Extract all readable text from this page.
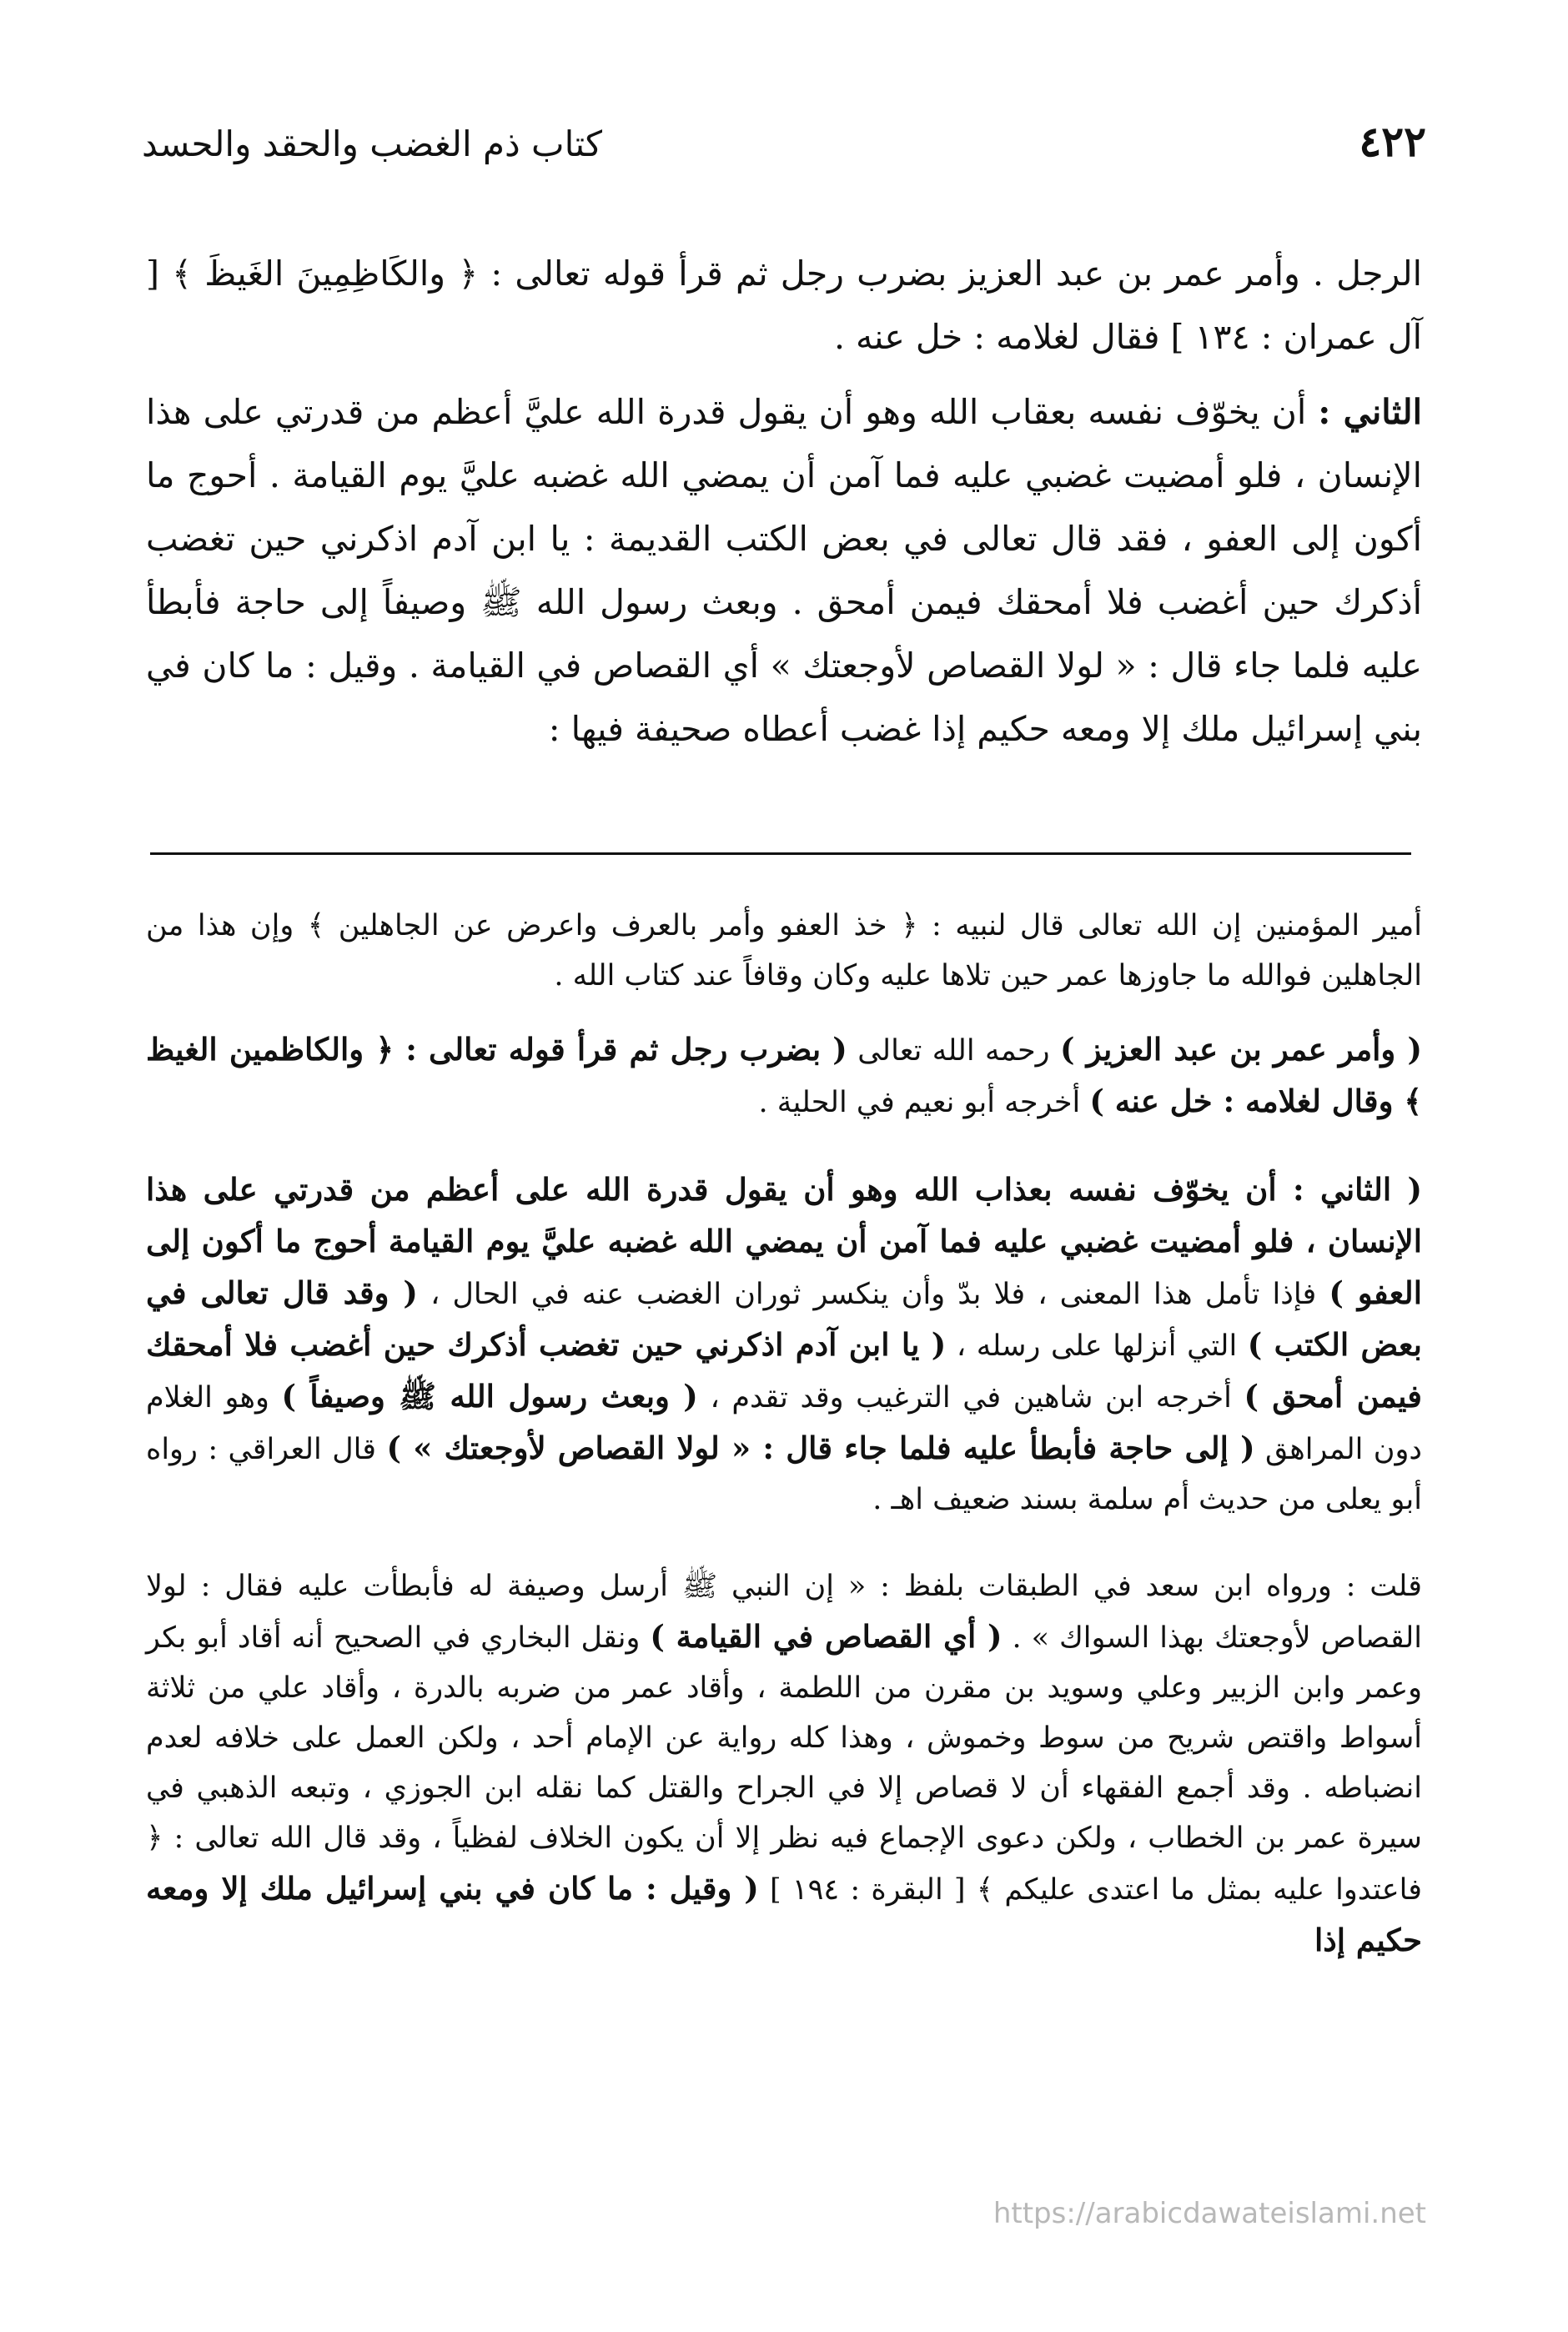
٤٢٢
كتاب ذم الغضب والحقد والحسد

الرجل . وأمر عمر بن عبد العزيز بضرب رجل ثم قرأ قوله تعالى : ﴿ والكَاظِمِينَ الغَيظَ ﴾ [ آل عمران : ١٣٤ ] فقال لغلامه : خل عنه .

الثاني : أن يخوّف نفسه بعقاب الله وهو أن يقول قدرة الله عليَّ أعظم من قدرتي على هذا الإنسان ، فلو أمضيت غضبي عليه فما آمن أن يمضي الله غضبه عليَّ يوم القيامة . أحوج ما أكون إلى العفو ، فقد قال تعالى في بعض الكتب القديمة : يا ابن آدم اذكرني حين تغضب أذكرك حين أغضب فلا أمحقك فيمن أمحق . وبعث رسول الله ﷺ وصيفاً إلى حاجة فأبطأ عليه فلما جاء قال : « لولا القصاص لأوجعتك » أي القصاص في القيامة . وقيل : ما كان في بني إسرائيل ملك إلا ومعه حكيم إذا غضب أعطاه صحيفة فيها :

أمير المؤمنين إن الله تعالى قال لنبيه : ﴿ خذ العفو وأمر بالعرف واعرض عن الجاهلين ﴾ وإن هذا من الجاهلين فوالله ما جاوزها عمر حين تلاها عليه وكان وقافاً عند كتاب الله .

( وأمر عمر بن عبد العزيز ) رحمه الله تعالى ( بضرب رجل ثم قرأ قوله تعالى : ﴿ والكاظمين الغيظ ﴾ وقال لغلامه : خل عنه ) أخرجه أبو نعيم في الحلية .

( الثاني : أن يخوّف نفسه بعذاب الله وهو أن يقول قدرة الله على أعظم من قدرتي على هذا الإنسان ، فلو أمضيت غضبي عليه فما آمن أن يمضي الله غضبه عليَّ يوم القيامة أحوج ما أكون إلى العفو ) فإذا تأمل هذا المعنى ، فلا بدّ وأن ينكسر ثوران الغضب عنه في الحال ، ( وقد قال تعالى في بعض الكتب ) التي أنزلها على رسله ، ( يا ابن آدم اذكرني حين تغضب أذكرك حين أغضب فلا أمحقك فيمن أمحق ) أخرجه ابن شاهين في الترغيب وقد تقدم ، ( وبعث رسول الله ﷺ وصيفاً ) وهو الغلام دون المراهق ( إلى حاجة فأبطأ عليه فلما جاء قال : « لولا القصاص لأوجعتك » ) قال العراقي : رواه أبو يعلى من حديث أم سلمة بسند ضعيف اهـ .

قلت : ورواه ابن سعد في الطبقات بلفظ : « إن النبي ﷺ أرسل وصيفة له فأبطأت عليه فقال : لولا القصاص لأوجعتك بهذا السواك » . ( أي القصاص في القيامة ) ونقل البخاري في الصحيح أنه أقاد أبو بكر وعمر وابن الزبير وعلي وسويد بن مقرن من اللطمة ، وأقاد عمر من ضربه بالدرة ، وأقاد علي من ثلاثة أسواط واقتص شريح من سوط وخموش ، وهذا كله رواية عن الإمام أحد ، ولكن العمل على خلافه لعدم انضباطه . وقد أجمع الفقهاء أن لا قصاص إلا في الجراح والقتل كما نقله ابن الجوزي ، وتبعه الذهبي في سيرة عمر بن الخطاب ، ولكن دعوى الإجماع فيه نظر إلا أن يكون الخلاف لفظياً ، وقد قال الله تعالى : ﴿ فاعتدوا عليه بمثل ما اعتدى عليكم ﴾ [ البقرة : ١٩٤ ] ( وقيل : ما كان في بني إسرائيل ملك إلا ومعه حكيم إذا

https://arabicdawateislami.net
